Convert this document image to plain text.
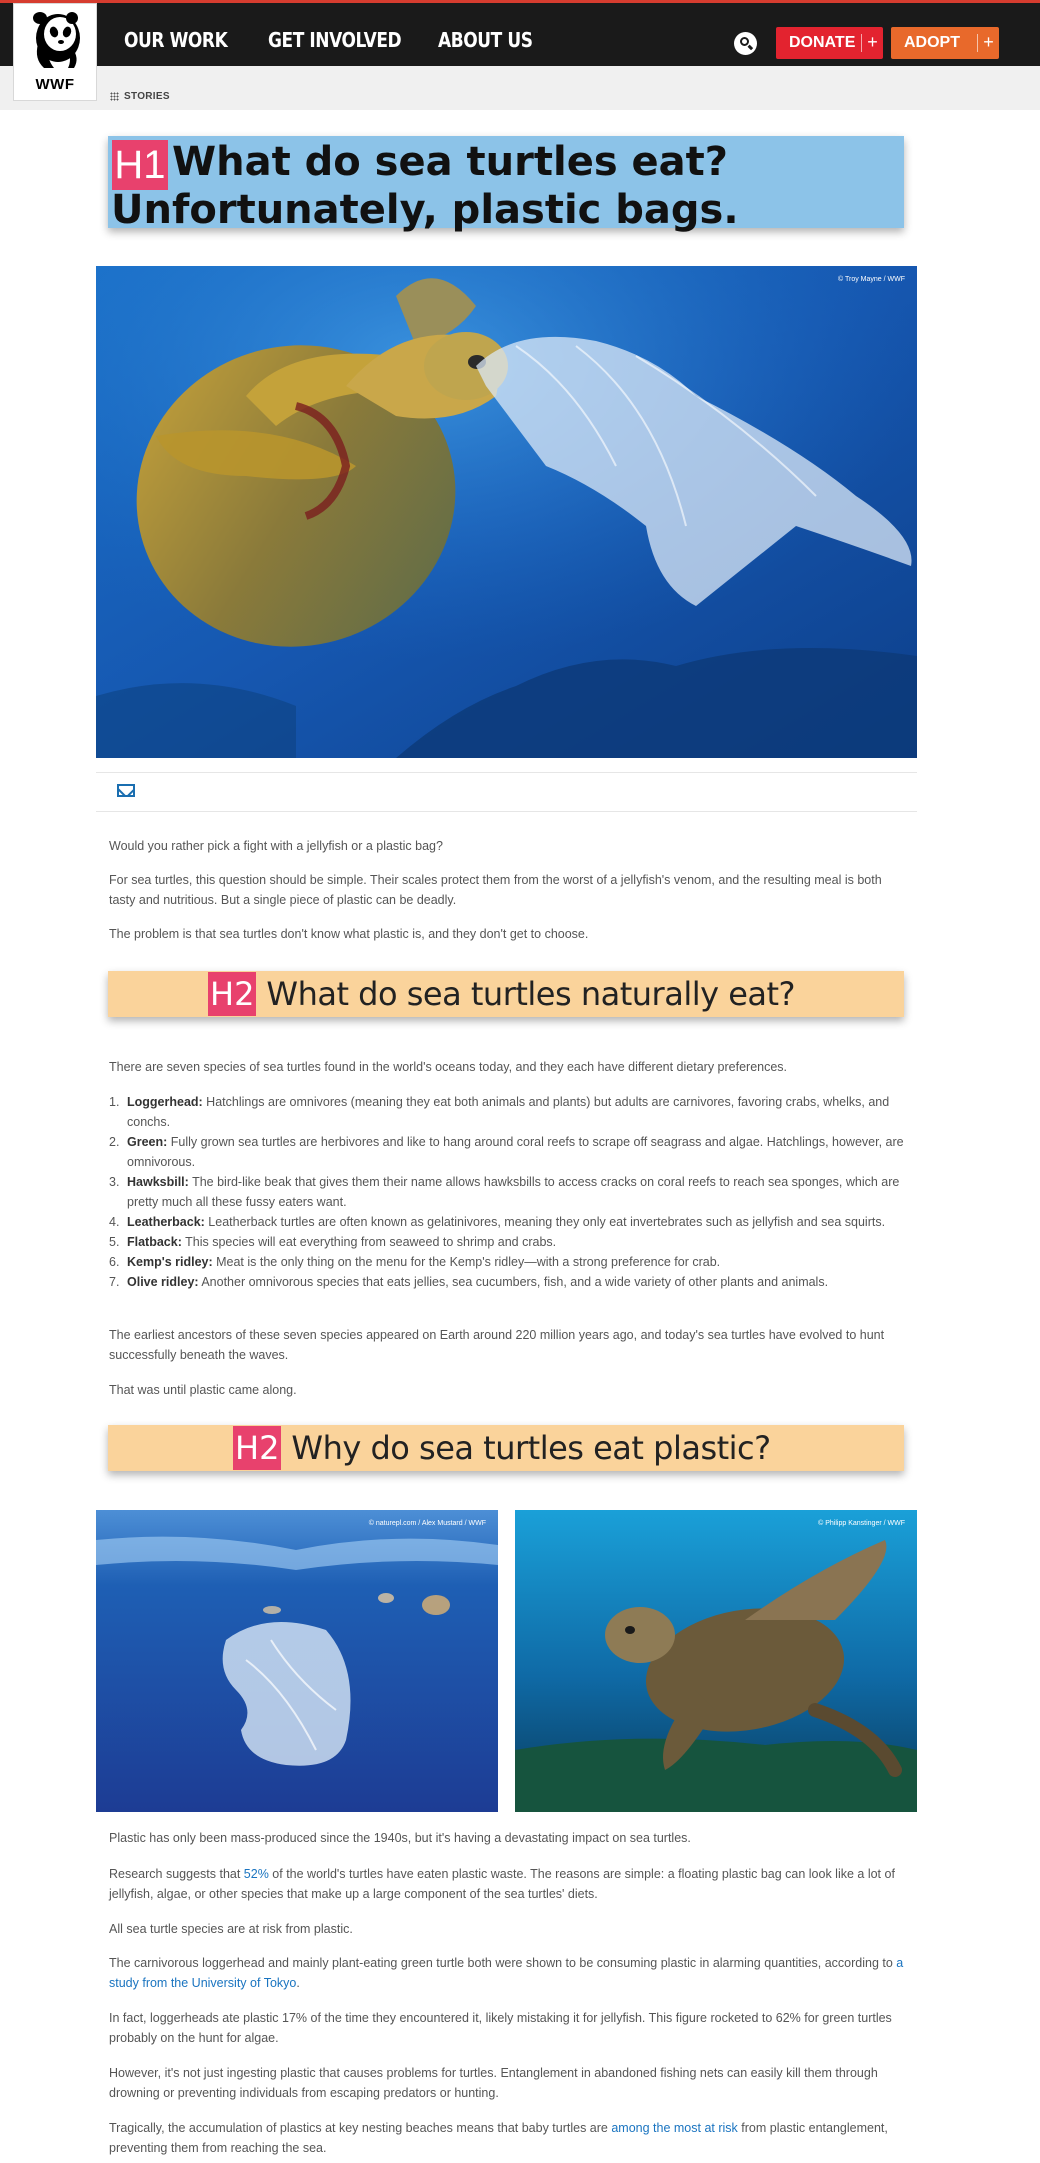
OUR WORK GET INVOLVED ABOUT US	DONATE +	ADOPT	+
WWF
STORIES
H1 What do sea turtles eat?
Unfortunately, plastic bags.
© Troy Mayne / WWF
Would you rather pick a fight with a jellyfish or a plastic bag?
For sea turtles, this question should be simple. Their scales protect them from the worst of a jellyfish's venom, and the resulting meal is both tasty and nutritious. But a single piece of plastic can be deadly.
The problem is that sea turtles don't know what plastic is, and they don't get to choose.
H2 What do sea turtles naturally eat?
There are seven species of sea turtles found in the world's oceans today, and they each have different dietary preferences.
1. Loggerhead: Hatchlings are omnivores (meaning they eat both animals and plants) but adults are carnivores, favoring crabs, whelks, and conchs.
2. Green: Fully grown sea turtles are herbivores and like to hang around coral reefs to scrape off seagrass and algae. Hatchlings, however, are omnivorous.
3. Hawksbill: The bird-like beak that gives them their name allows hawksbills to access cracks on coral reefs to reach sea sponges, which are pretty much all these fussy eaters want.
4. Leatherback: Leatherback turtles are often known as gelatinivores, meaning they only eat invertebrates such as jellyfish and sea squirts.
5. Flatback: This species will eat everything from seaweed to shrimp and crabs.
6. Kemp's ridley: Meat is the only thing on the menu for the Kemp's ridley—with a strong preference for crab.
7. Olive ridley: Another omnivorous species that eats jellies, sea cucumbers, fish, and a wide variety of other plants and animals.
The earliest ancestors of these seven species appeared on Earth around 220 million years ago, and today's sea turtles have evolved to hunt successfully beneath the waves.
That was until plastic came along.
H2 Why do sea turtles eat plastic?
© naturepl.com / Alex Mustard / WWF	© Philipp Kanstinger / WWF
Plastic has only been mass-produced since the 1940s, but it's having a devastating impact on sea turtles.
Research suggests that 52% of the world's turtles have eaten plastic waste. The reasons are simple: a floating plastic bag can look like a lot of jellyfish, algae, or other species that make up a large component of the sea turtles' diets.
All sea turtle species are at risk from plastic.
The carnivorous loggerhead and mainly plant-eating green turtle both were shown to be consuming plastic in alarming quantities, according to a study from the University of Tokyo.
In fact, loggerheads ate plastic 17% of the time they encountered it, likely mistaking it for jellyfish. This figure rocketed to 62% for green turtles probably on the hunt for algae.
However, it's not just ingesting plastic that causes problems for turtles. Entanglement in abandoned fishing nets can easily kill them through drowning or preventing individuals from escaping predators or hunting.
Tragically, the accumulation of plastics at key nesting beaches means that baby turtles are among the most at risk from plastic entanglement, preventing them from reaching the sea.
